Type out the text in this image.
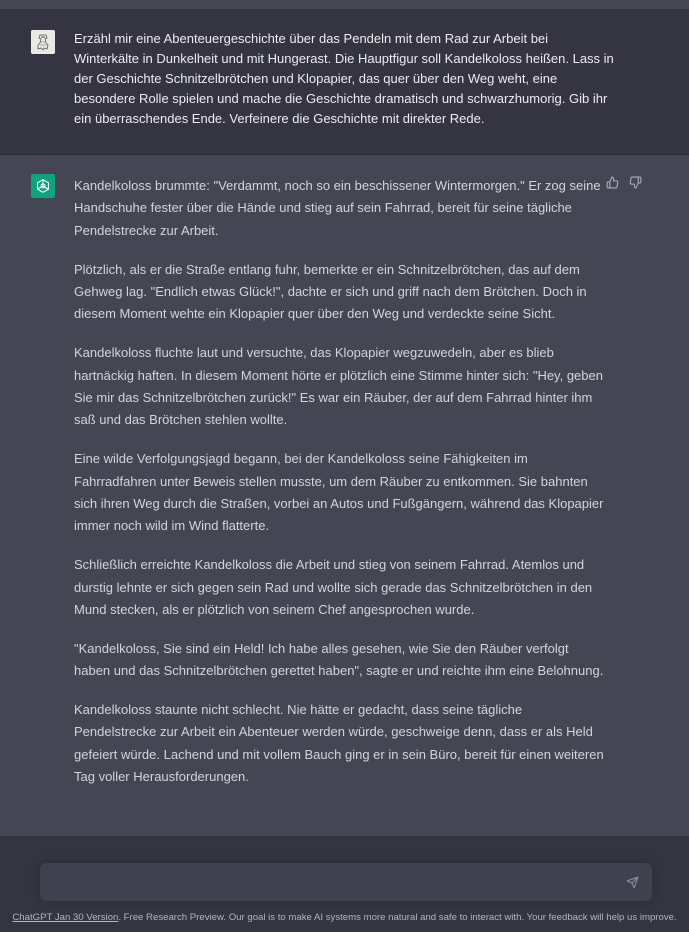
Erzähl mir eine Abenteuergeschichte über das Pendeln mit dem Rad zur Arbeit bei Winterkälte in Dunkelheit und mit Hungerast. Die Hauptfigur soll Kandelkoloss heißen. Lass in der Geschichte Schnitzelbrötchen und Klopapier, das quer über den Weg weht, eine besondere Rolle spielen und mache die Geschichte dramatisch und schwarzhumorig. Gib ihr ein überraschendes Ende. Verfeinere die Geschichte mit direkter Rede.

Kandelkoloss brummte: "Verdammt, noch so ein beschissener Wintermorgen." Er zog seine Handschuhe fester über die Hände und stieg auf sein Fahrrad, bereit für seine tägliche Pendelstrecke zur Arbeit.

Plötzlich, als er die Straße entlang fuhr, bemerkte er ein Schnitzelbrötchen, das auf dem Gehweg lag. "Endlich etwas Glück!", dachte er sich und griff nach dem Brötchen. Doch in diesem Moment wehte ein Klopapier quer über den Weg und verdeckte seine Sicht.

Kandelkoloss fluchte laut und versuchte, das Klopapier wegzuwedeln, aber es blieb hartnäckig haften. In diesem Moment hörte er plötzlich eine Stimme hinter sich: "Hey, geben Sie mir das Schnitzelbrötchen zurück!" Es war ein Räuber, der auf dem Fahrrad hinter ihm saß und das Brötchen stehlen wollte.

Eine wilde Verfolgungsjagd begann, bei der Kandelkoloss seine Fähigkeiten im Fahrradfahren unter Beweis stellen musste, um dem Räuber zu entkommen. Sie bahnten sich ihren Weg durch die Straßen, vorbei an Autos und Fußgängern, während das Klopapier immer noch wild im Wind flatterte.

Schließlich erreichte Kandelkoloss die Arbeit und stieg von seinem Fahrrad. Atemlos und durstig lehnte er sich gegen sein Rad und wollte sich gerade das Schnitzelbrötchen in den Mund stecken, als er plötzlich von seinem Chef angesprochen wurde.

"Kandelkoloss, Sie sind ein Held! Ich habe alles gesehen, wie Sie den Räuber verfolgt haben und das Schnitzelbrötchen gerettet haben", sagte er und reichte ihm eine Belohnung.

Kandelkoloss staunte nicht schlecht. Nie hätte er gedacht, dass seine tägliche Pendelstrecke zur Arbeit ein Abenteuer werden würde, geschweige denn, dass er als Held gefeiert würde. Lachend und mit vollem Bauch ging er in sein Büro, bereit für einen weiteren Tag voller Herausforderungen.

ChatGPT Jan 30 Version. Free Research Preview. Our goal is to make AI systems more natural and safe to interact with. Your feedback will help us improve.
